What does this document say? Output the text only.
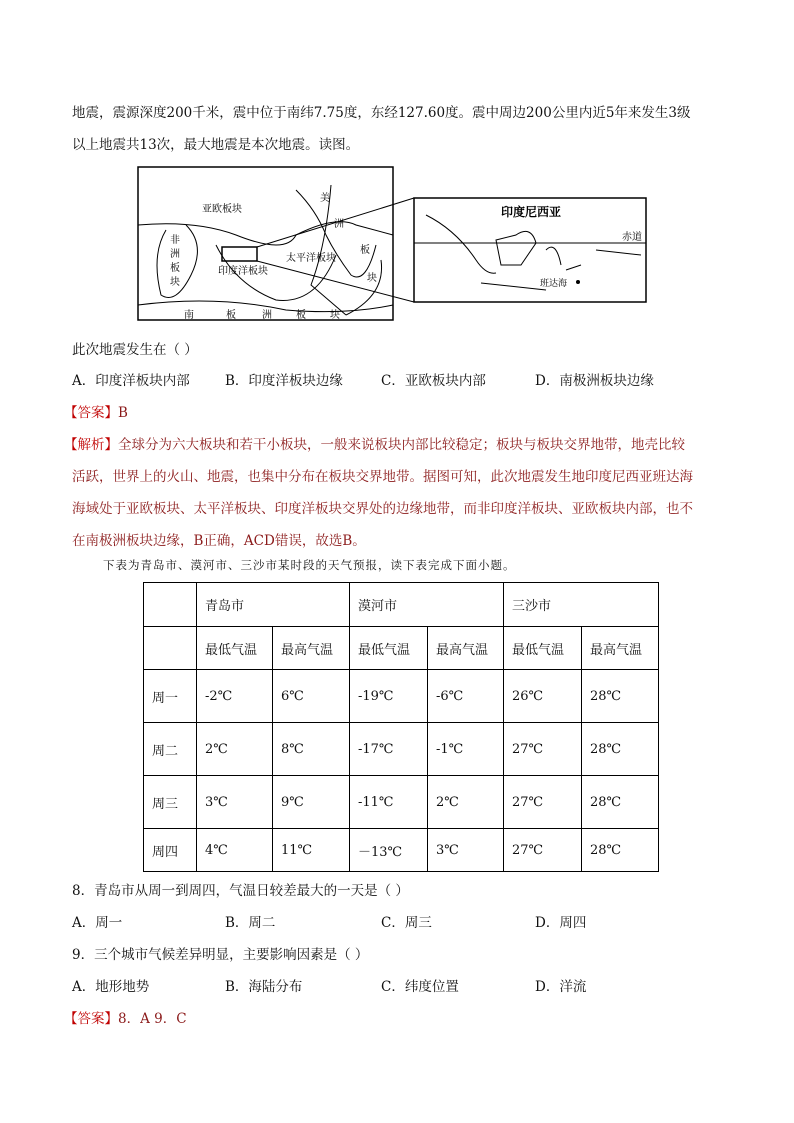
地震，震源深度200千米，震中位于南纬7.75度，东经127.60度。震中周边200公里内近5年来发生3级
以上地震共13次，最大地震是本次地震。读图。
亚欧板块
非
洲
板
块
印度洋板块
太平洋板块
美
洲
板
块
南	板	洲 板 块
印度尼西亚
赤道
班达海
此次地震发生在（ ）
A．印度洋板块内部	B．印度洋板块边缘	C．亚欧板块内部	D．南极洲板块边缘
【答案】B
【解析】全球分为六大板块和若干小板块，一般来说板块内部比较稳定；板块与板块交界地带，地壳比较
活跃，世界上的火山、地震，也集中分布在板块交界地带。据图可知，此次地震发生地印度尼西亚班达海
海域处于亚欧板块、太平洋板块、印度洋板块交界处的边缘地带，而非印度洋板块、亚欧板块内部，也不
在南极洲板块边缘，B正确，ACD错误，故选B。
下表为青岛市、漠河市、三沙市某时段的天气预报，读下表完成下面小题。
	青岛市		漠河市		三沙市	
	最低气温	最高气温	最低气温	最高气温	最低气温	最高气温
周一	-2℃	6℃	-19℃	-6℃	26℃	28℃
周二	2℃	8℃	-17℃	-1℃	27℃	28℃
周三	3℃	9℃	-11℃	2℃	27℃	28℃
周四	4℃	11℃	－13℃	3℃	27℃	28℃
8．青岛市从周一到周四，气温日较差最大的一天是（ ）
A．周一	B．周二	C．周三	D．周四
9．三个城市气候差异明显，主要影响因素是（ ）
A．地形地势	B．海陆分布	C．纬度位置	D．洋流
【答案】8．A 9．C
